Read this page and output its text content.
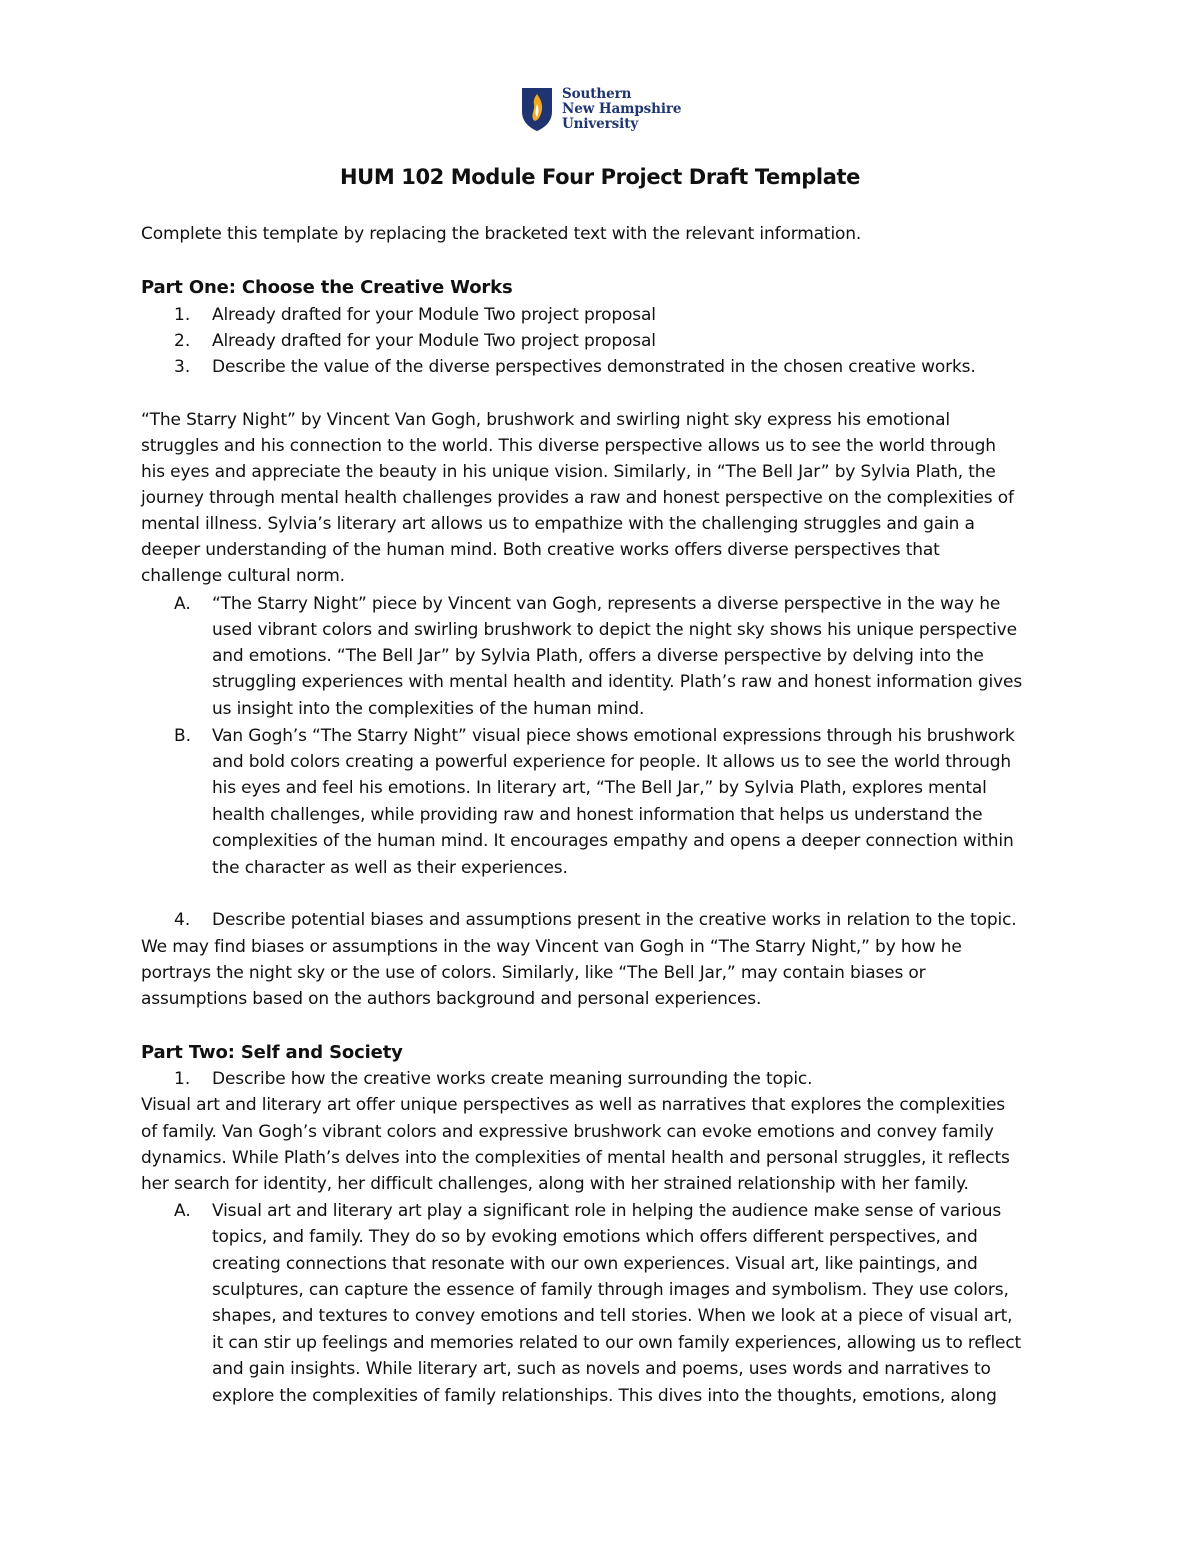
Southern
New Hampshire
University
HUM 102 Module Four Project Draft Template
Complete this template by replacing the bracketed text with the relevant information.
Part One: Choose the Creative Works
1. Already drafted for your Module Two project proposal
2. Already drafted for your Module Two project proposal
3. Describe the value of the diverse perspectives demonstrated in the chosen creative works.
“The Starry Night” by Vincent Van Gogh, brushwork and swirling night sky express his emotional
struggles and his connection to the world. This diverse perspective allows us to see the world through
his eyes and appreciate the beauty in his unique vision. Similarly, in “The Bell Jar” by Sylvia Plath, the
journey through mental health challenges provides a raw and honest perspective on the complexities of
mental illness. Sylvia’s literary art allows us to empathize with the challenging struggles and gain a
deeper understanding of the human mind. Both creative works offers diverse perspectives that
challenge cultural norm.
A. “The Starry Night” piece by Vincent van Gogh, represents a diverse perspective in the way he
used vibrant colors and swirling brushwork to depict the night sky shows his unique perspective
and emotions. “The Bell Jar” by Sylvia Plath, offers a diverse perspective by delving into the
struggling experiences with mental health and identity. Plath’s raw and honest information gives
us insight into the complexities of the human mind.
B. Van Gogh’s “The Starry Night” visual piece shows emotional expressions through his brushwork
and bold colors creating a powerful experience for people. It allows us to see the world through
his eyes and feel his emotions. In literary art, “The Bell Jar,” by Sylvia Plath, explores mental
health challenges, while providing raw and honest information that helps us understand the
complexities of the human mind. It encourages empathy and opens a deeper connection within
the character as well as their experiences.
4. Describe potential biases and assumptions present in the creative works in relation to the topic.
We may find biases or assumptions in the way Vincent van Gogh in “The Starry Night,” by how he
portrays the night sky or the use of colors. Similarly, like “The Bell Jar,” may contain biases or
assumptions based on the authors background and personal experiences.
Part Two: Self and Society
1. Describe how the creative works create meaning surrounding the topic.
Visual art and literary art offer unique perspectives as well as narratives that explores the complexities
of family. Van Gogh’s vibrant colors and expressive brushwork can evoke emotions and convey family
dynamics. While Plath’s delves into the complexities of mental health and personal struggles, it reflects
her search for identity, her difficult challenges, along with her strained relationship with her family.
A. Visual art and literary art play a significant role in helping the audience make sense of various
topics, and family. They do so by evoking emotions which offers different perspectives, and
creating connections that resonate with our own experiences. Visual art, like paintings, and
sculptures, can capture the essence of family through images and symbolism. They use colors,
shapes, and textures to convey emotions and tell stories. When we look at a piece of visual art,
it can stir up feelings and memories related to our own family experiences, allowing us to reflect
and gain insights. While literary art, such as novels and poems, uses words and narratives to
explore the complexities of family relationships. This dives into the thoughts, emotions, along
